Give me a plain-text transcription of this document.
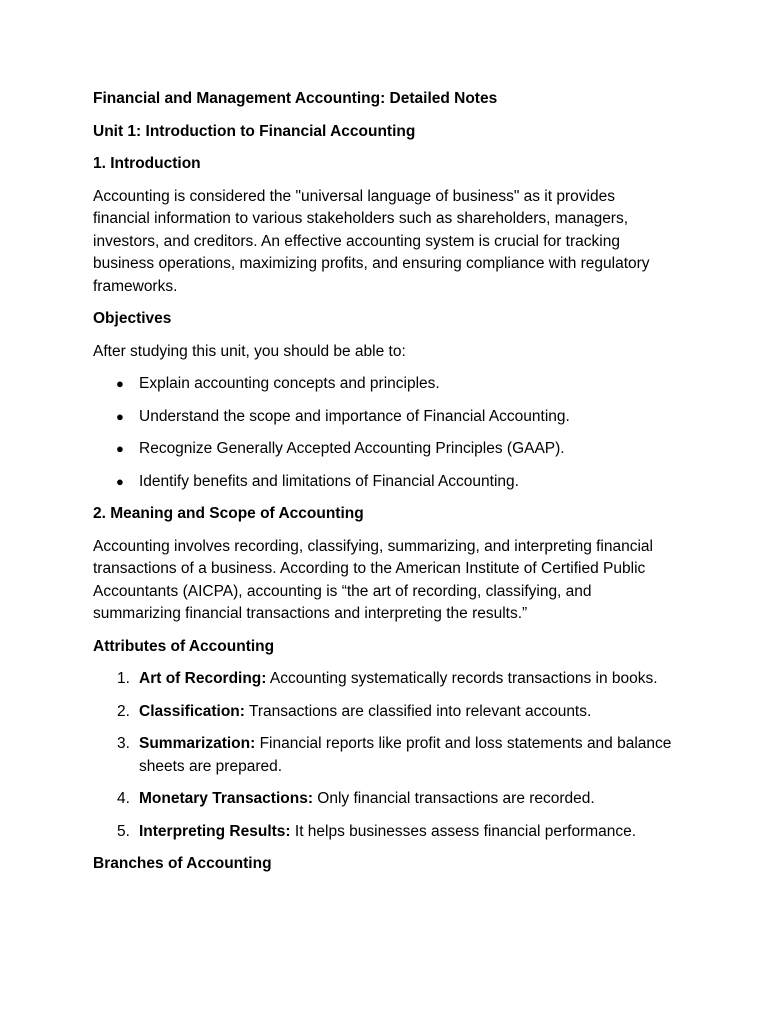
Financial and Management Accounting: Detailed Notes

Unit 1: Introduction to Financial Accounting

1. Introduction

Accounting is considered the "universal language of business" as it provides financial information to various stakeholders such as shareholders, managers, investors, and creditors. An effective accounting system is crucial for tracking business operations, maximizing profits, and ensuring compliance with regulatory frameworks.

Objectives

After studying this unit, you should be able to:

● Explain accounting concepts and principles.
● Understand the scope and importance of Financial Accounting.
● Recognize Generally Accepted Accounting Principles (GAAP).
● Identify benefits and limitations of Financial Accounting.

2. Meaning and Scope of Accounting

Accounting involves recording, classifying, summarizing, and interpreting financial transactions of a business. According to the American Institute of Certified Public Accountants (AICPA), accounting is “the art of recording, classifying, and summarizing financial transactions and interpreting the results.”

Attributes of Accounting

1. Art of Recording: Accounting systematically records transactions in books.
2. Classification: Transactions are classified into relevant accounts.
3. Summarization: Financial reports like profit and loss statements and balance sheets are prepared.
4. Monetary Transactions: Only financial transactions are recorded.
5. Interpreting Results: It helps businesses assess financial performance.

Branches of Accounting
